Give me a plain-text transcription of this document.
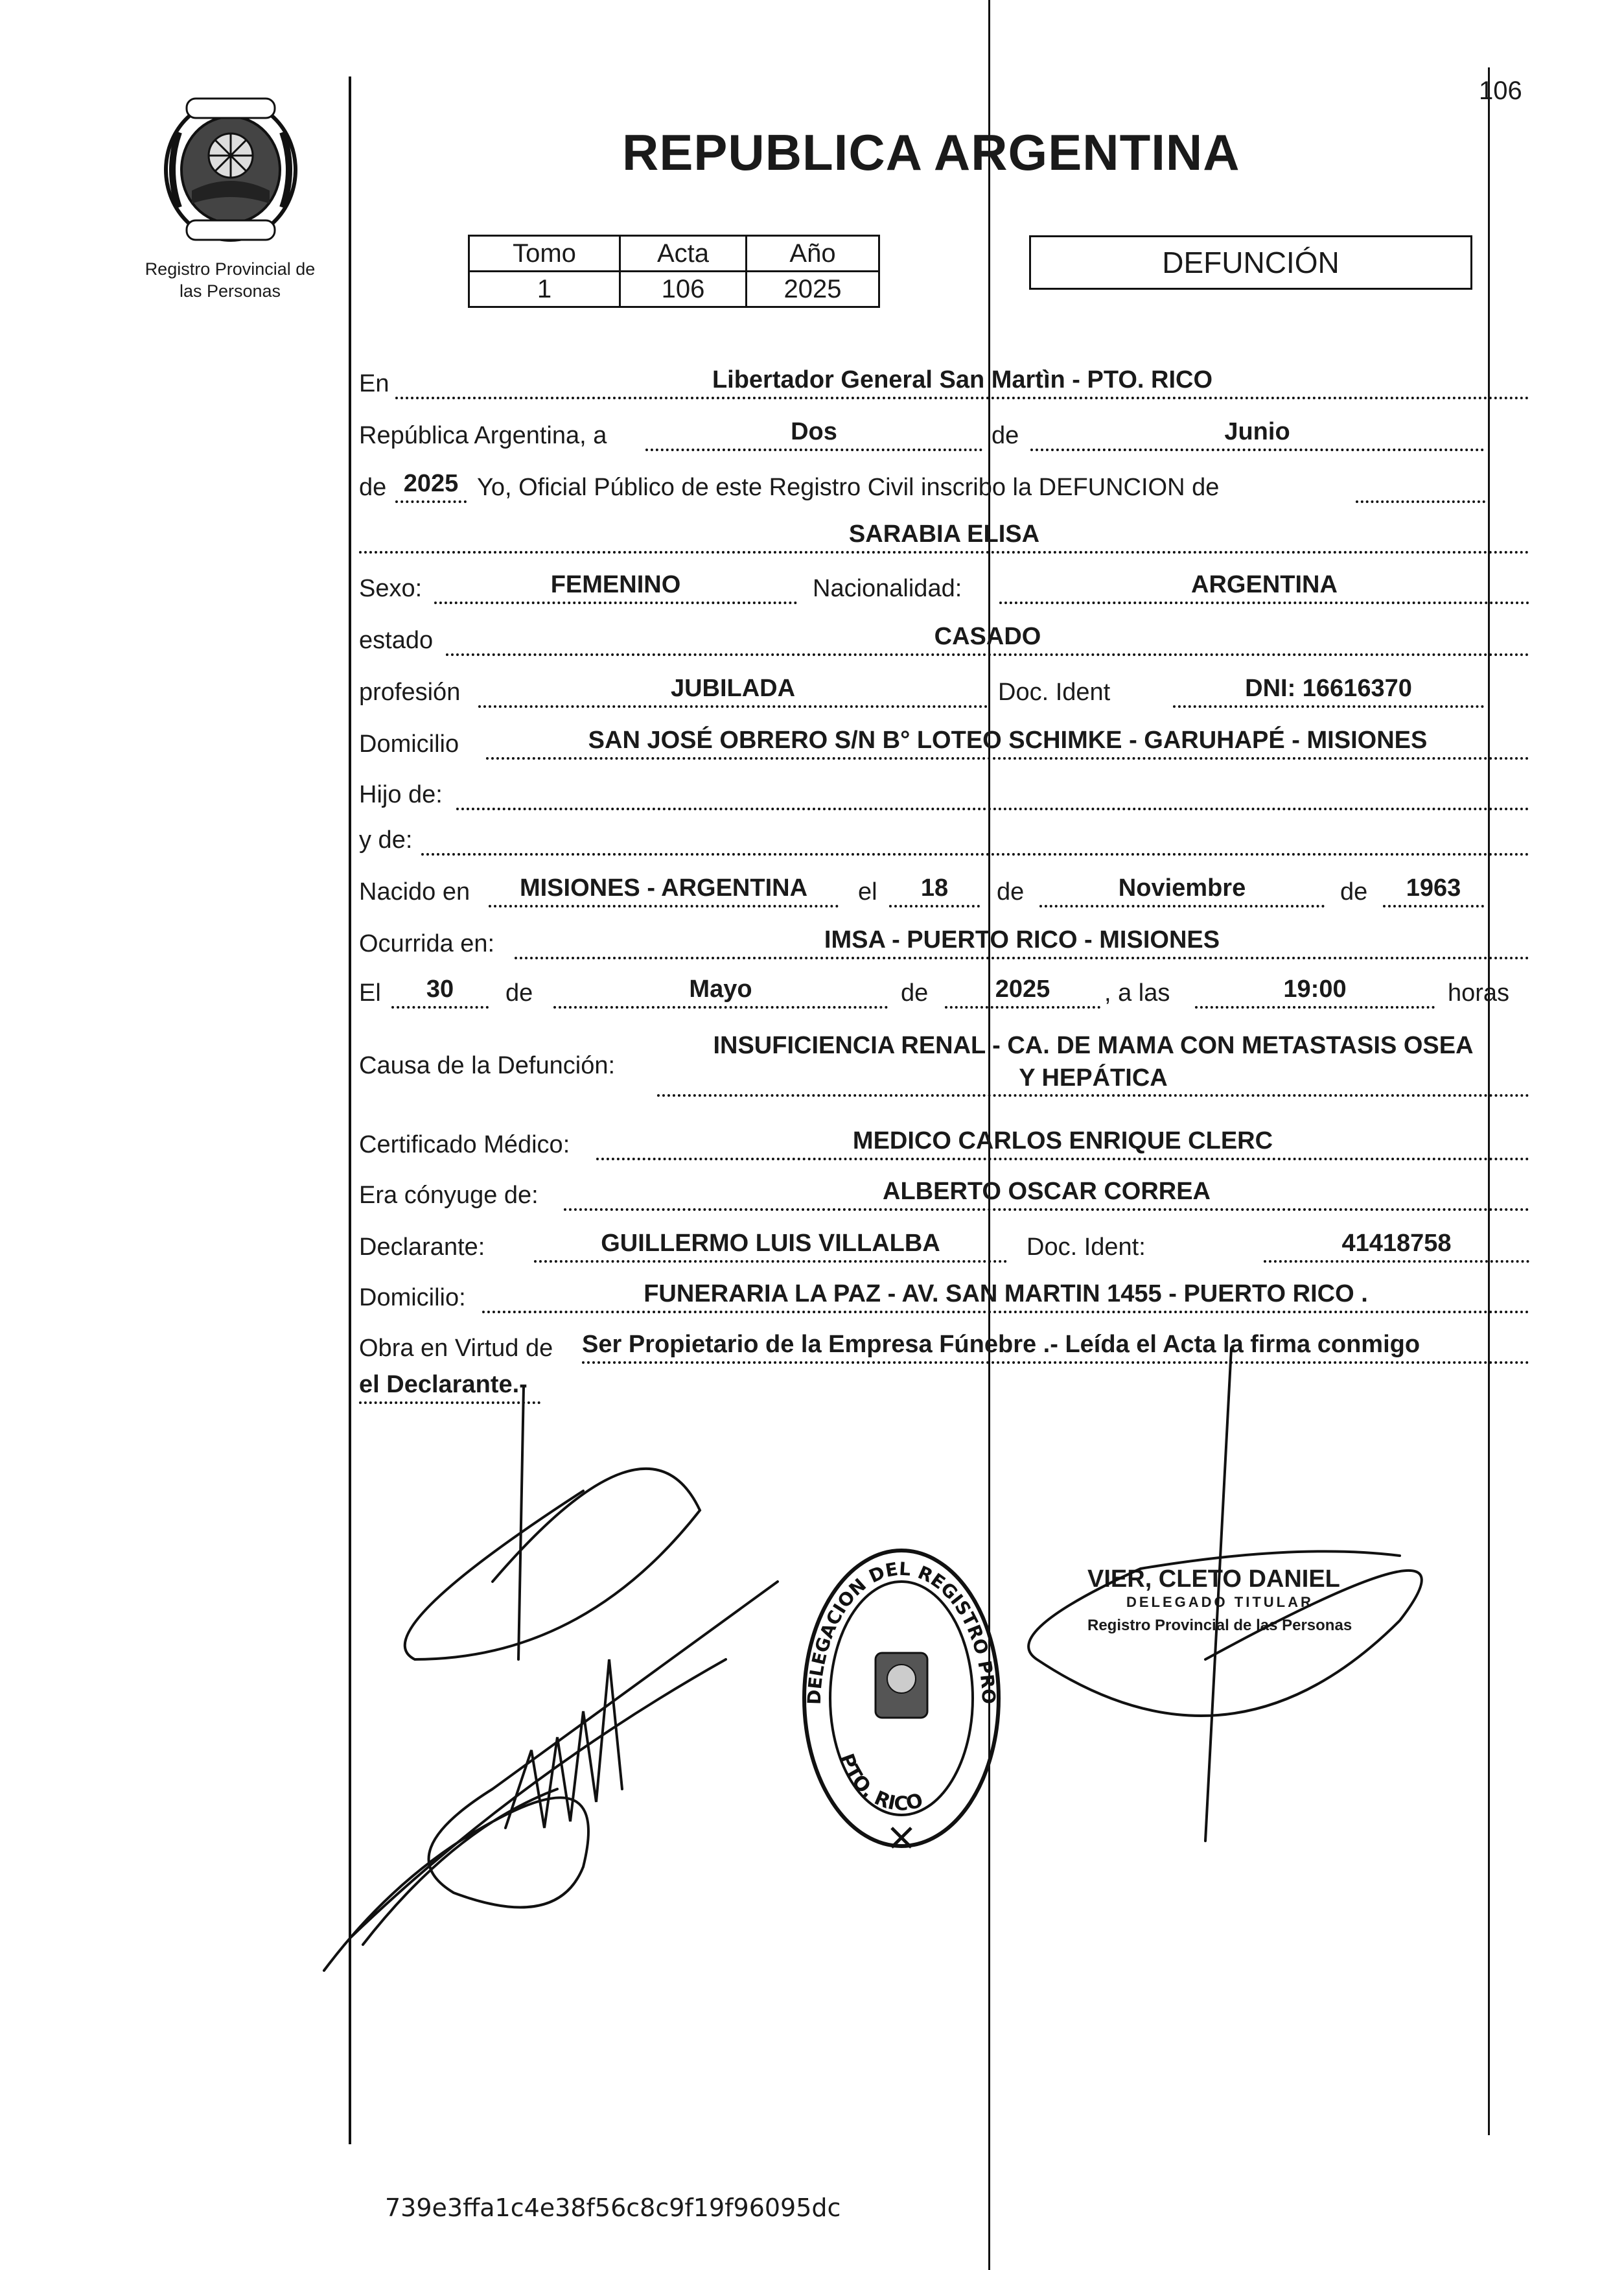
106
Registro Provincial de
las Personas
REPUBLICA ARGENTINA
Tomo	Acta	Año
1	106	2025
DEFUNCIÓN
En	Libertador General San Martìn - PTO. RICO
República Argentina, a	Dos	de	Junio
de 2025 Yo, Oficial Público de este Registro Civil inscribo la DEFUNCION de
SARABIA ELISA
Sexo:	FEMENINO	Nacionalidad:	ARGENTINA
estado	CASADO
profesión	JUBILADA	Doc. Ident	DNI: 16616370
Domicilio	SAN JOSÉ OBRERO S/N B° LOTEO SCHIMKE - GARUHAPÉ - MISIONES
Hijo de:
y de:
Nacido en	MISIONES - ARGENTINA	el	18	de	Noviembre	de	1963
Ocurrida en:	IMSA - PUERTO RICO - MISIONES
El	30	de	Mayo	de	2025	, a las	19:00	horas
Causa de la Defunción:
INSUFICIENCIA RENAL - CA. DE MAMA CON METASTASIS OSEA
Y HEPÁTICA
Certificado Médico:	MEDICO CARLOS ENRIQUE CLERC
Era cónyuge de:	ALBERTO OSCAR CORREA
Declarante:	GUILLERMO LUIS VILLALBA	Doc. Ident:	41418758
Domicilio:	FUNERARIA LA PAZ - AV. SAN MARTIN 1455 - PUERTO RICO .
Obra en Virtud de Ser Propietario de la Empresa Fúnebre .- Leída el Acta la firma conmigo
el Declarante.-
DELEGACION DEL REGISTRO PRO
PTO. RICO
VIER, CLETO DANIEL
DELEGADO TITULAR
Registro Provincial de las Personas
739e3ffa1c4e38f56c8c9f19f96095dc
